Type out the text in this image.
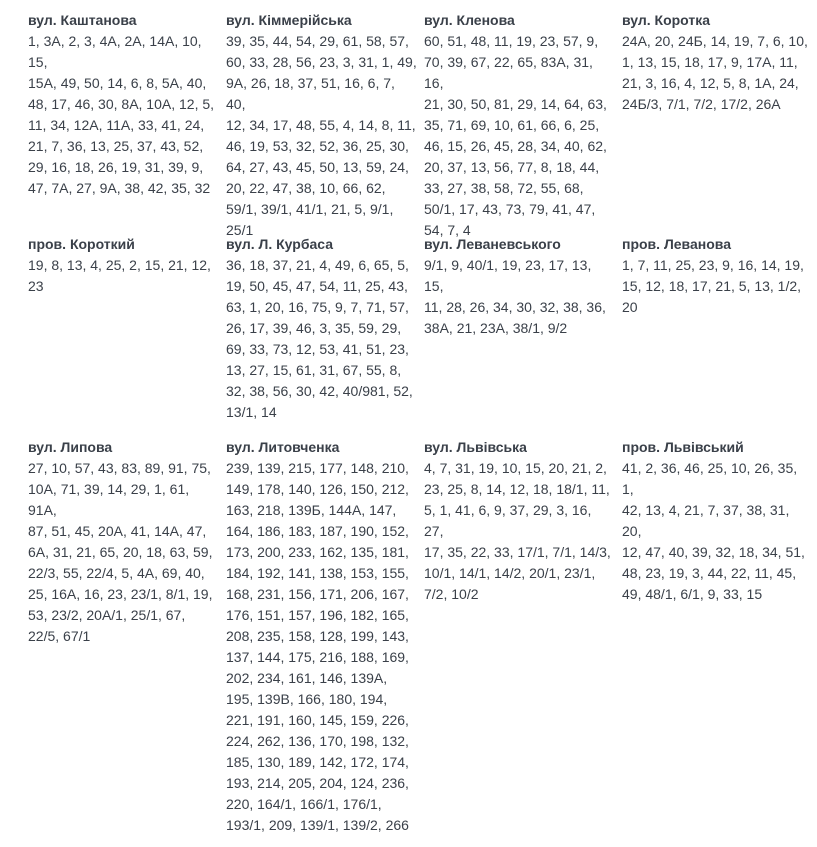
вул. Каштанова

1, 3А, 2, 3, 4А, 2А, 14А, 10, 15,
15А, 49, 50, 14, 6, 8, 5А, 40,
48, 17, 46, 30, 8А, 10А, 12, 5,
11, 34, 12А, 11А, 33, 41, 24,
21, 7, 36, 13, 25, 37, 43, 52,
29, 16, 18, 26, 19, 31, 39, 9,
47, 7А, 27, 9А, 38, 42, 35, 32

вул. Кіммерійська

39, 35, 44, 54, 29, 61, 58, 57,
60, 33, 28, 56, 23, 3, 31, 1, 49,
9А, 26, 18, 37, 51, 16, 6, 7, 40,
12, 34, 17, 48, 55, 4, 14, 8, 11,
46, 19, 53, 32, 52, 36, 25, 30,
64, 27, 43, 45, 50, 13, 59, 24,
20, 22, 47, 38, 10, 66, 62,
59/1, 39/1, 41/1, 21, 5, 9/1,
25/1

вул. Кленова

60, 51, 48, 11, 19, 23, 57, 9,
70, 39, 67, 22, 65, 83А, 31, 16,
21, 30, 50, 81, 29, 14, 64, 63,
35, 71, 69, 10, 61, 66, 6, 25,
46, 15, 26, 45, 28, 34, 40, 62,
20, 37, 13, 56, 77, 8, 18, 44,
33, 27, 38, 58, 72, 55, 68,
50/1, 17, 43, 73, 79, 41, 47,
54, 7, 4

вул. Коротка

24А, 20, 24Б, 14, 19, 7, 6, 10,
1, 13, 15, 18, 17, 9, 17А, 11,
21, 3, 16, 4, 12, 5, 8, 1А, 24,
24Б/3, 7/1, 7/2, 17/2, 26А

пров. Короткий

19, 8, 13, 4, 25, 2, 15, 21, 12,
23

вул. Л. Курбаса

36, 18, 37, 21, 4, 49, 6, 65, 5,
19, 50, 45, 47, 54, 11, 25, 43,
63, 1, 20, 16, 75, 9, 7, 71, 57,
26, 17, 39, 46, 3, 35, 59, 29,
69, 33, 73, 12, 53, 41, 51, 23,
13, 27, 15, 61, 31, 67, 55, 8,
32, 38, 56, 30, 42, 40/981, 52,
13/1, 14

вул. Леваневського

9/1, 9, 40/1, 19, 23, 17, 13, 15,
11, 28, 26, 34, 30, 32, 38, 36,
38А, 21, 23А, 38/1, 9/2

пров. Леванова

1, 7, 11, 25, 23, 9, 16, 14, 19,
15, 12, 18, 17, 21, 5, 13, 1/2,
20

вул. Липова

27, 10, 57, 43, 83, 89, 91, 75,
10А, 71, 39, 14, 29, 1, 61, 91А,
87, 51, 45, 20А, 41, 14А, 47,
6А, 31, 21, 65, 20, 18, 63, 59,
22/3, 55, 22/4, 5, 4А, 69, 40,
25, 16А, 16, 23, 23/1, 8/1, 19,
53, 23/2, 20А/1, 25/1, 67,
22/5, 67/1

вул. Литовченка

239, 139, 215, 177, 148, 210,
149, 178, 140, 126, 150, 212,
163, 218, 139Б, 144А, 147,
164, 186, 183, 187, 190, 152,
173, 200, 233, 162, 135, 181,
184, 192, 141, 138, 153, 155,
168, 231, 156, 171, 206, 167,
176, 151, 157, 196, 182, 165,
208, 235, 158, 128, 199, 143,
137, 144, 175, 216, 188, 169,
202, 234, 161, 146, 139А,
195, 139В, 166, 180, 194,
221, 191, 160, 145, 159, 226,
224, 262, 136, 170, 198, 132,
185, 130, 189, 142, 172, 174,
193, 214, 205, 204, 124, 236,
220, 164/1, 166/1, 176/1,
193/1, 209, 139/1, 139/2, 266

вул. Львівська

4, 7, 31, 19, 10, 15, 20, 21, 2,
23, 25, 8, 14, 12, 18, 18/1, 11,
5, 1, 41, 6, 9, 37, 29, 3, 16, 27,
17, 35, 22, 33, 17/1, 7/1, 14/3,
10/1, 14/1, 14/2, 20/1, 23/1,
7/2, 10/2

пров. Львівський

41, 2, 36, 46, 25, 10, 26, 35, 1,
42, 13, 4, 21, 7, 37, 38, 31, 20,
12, 47, 40, 39, 32, 18, 34, 51,
48, 23, 19, 3, 44, 22, 11, 45,
49, 48/1, 6/1, 9, 33, 15
